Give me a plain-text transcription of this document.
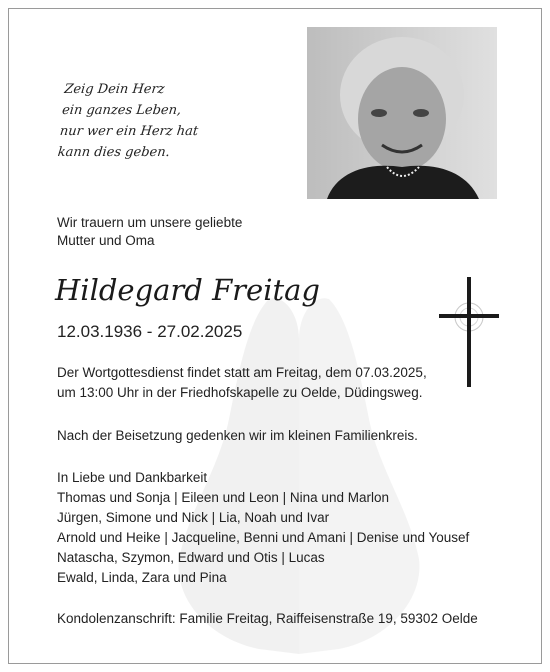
Zeig Dein Herz
ein ganzes Leben,
nur wer ein Herz hat
kann dies geben.
Wir trauern um unsere geliebte
Mutter und Oma
Hildegard Freitag
12.03.1936 - 27.02.2025
Der Wortgottesdienst findet statt am Freitag, dem 07.03.2025,
um 13:00 Uhr in der Friedhofskapelle zu Oelde, Düdingsweg.
Nach der Beisetzung gedenken wir im kleinen Familienkreis.
In Liebe und Dankbarkeit
Thomas und Sonja | Eileen und Leon | Nina und Marlon
Jürgen, Simone und Nick | Lia, Noah und Ivar
Arnold und Heike | Jacqueline, Benni und Amani | Denise und Yousef
Natascha, Szymon, Edward und Otis | Lucas
Ewald, Linda, Zara und Pina
Kondolenzanschrift: Familie Freitag, Raiffeisenstraße 19, 59302 Oelde
